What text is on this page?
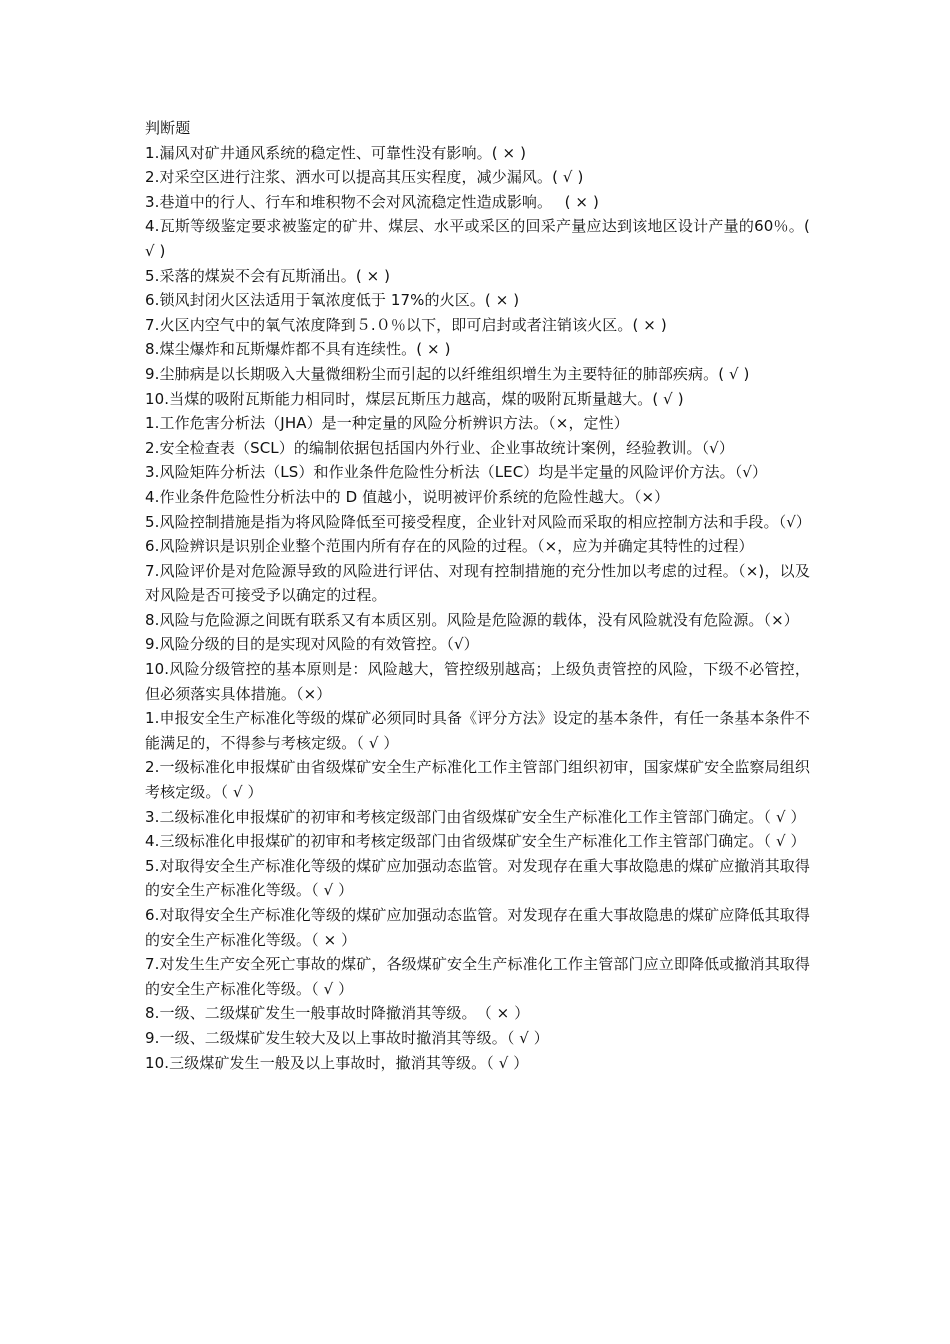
判断题
1.漏风对矿井通风系统的稳定性、可靠性没有影响。( × )
2.对采空区进行注浆、洒水可以提高其压实程度，减少漏风。( √ )
3.巷道中的行人、行车和堆积物不会对风流稳定性造成影响。　 ( × )
4.瓦斯等级鉴定要求被鉴定的矿井、煤层、水平或采区的回采产量应达到该地区设计产量的60％。( √ )
5.采落的煤炭不会有瓦斯涌出。( × )
6.锁风封闭火区法适用于氧浓度低于 17%的火区。( × )
7.火区内空气中的氧气浓度降到５.０％以下，即可启封或者注销该火区。( × )
8.煤尘爆炸和瓦斯爆炸都不具有连续性。( × )
9.尘肺病是以长期吸入大量微细粉尘而引起的以纤维组织增生为主要特征的肺部疾病。( √ )
10.当煤的吸附瓦斯能力相同时，煤层瓦斯压力越高，煤的吸附瓦斯量越大。( √ )
1.工作危害分析法（JHA）是一种定量的风险分析辨识方法。（×，定性）
2.安全检查表（SCL）的编制依据包括国内外行业、企业事故统计案例，经验教训。（√）
3.风险矩阵分析法（LS）和作业条件危险性分析法（LEC）均是半定量的风险评价方法。（√）
4.作业条件危险性分析法中的 D 值越小，说明被评价系统的危险性越大。（×）
5.风险控制措施是指为将风险降低至可接受程度，企业针对风险而采取的相应控制方法和手段。（√）
6.风险辨识是识别企业整个范围内所有存在的风险的过程。（×，应为并确定其特性的过程）
7.风险评价是对危险源导致的风险进行评估、对现有控制措施的充分性加以考虑的过程。（×)，以及对风险是否可接受予以确定的过程。
8.风险与危险源之间既有联系又有本质区别。风险是危险源的载体，没有风险就没有危险源。（×）
9.风险分级的目的是实现对风险的有效管控。（√）
10.风险分级管控的基本原则是：风险越大，管控级别越高；上级负责管控的风险，下级不必管控，但必须落实具体措施。（×）
1.申报安全生产标准化等级的煤矿必须同时具备《评分方法》设定的基本条件，有任一条基本条件不能满足的，不得参与考核定级。（ √ ）
2.一级标准化申报煤矿由省级煤矿安全生产标准化工作主管部门组织初审，国家煤矿安全监察局组织考核定级。（ √ ）
3.二级标准化申报煤矿的初审和考核定级部门由省级煤矿安全生产标准化工作主管部门确定。（ √ ）
4.三级标准化申报煤矿的初审和考核定级部门由省级煤矿安全生产标准化工作主管部门确定。（ √ ）
5.对取得安全生产标准化等级的煤矿应加强动态监管。对发现存在重大事故隐患的煤矿应撤消其取得的安全生产标准化等级。（ √ ）
6.对取得安全生产标准化等级的煤矿应加强动态监管。对发现存在重大事故隐患的煤矿应降低其取得的安全生产标准化等级。（ × ）
7.对发生生产安全死亡事故的煤矿，各级煤矿安全生产标准化工作主管部门应立即降低或撤消其取得的安全生产标准化等级。（ √ ）
8.一级、二级煤矿发生一般事故时降撤消其等级。　（ × ）
9.一级、二级煤矿发生较大及以上事故时撤消其等级。（ √ ）
10.三级煤矿发生一般及以上事故时，撤消其等级。（ √ ）
